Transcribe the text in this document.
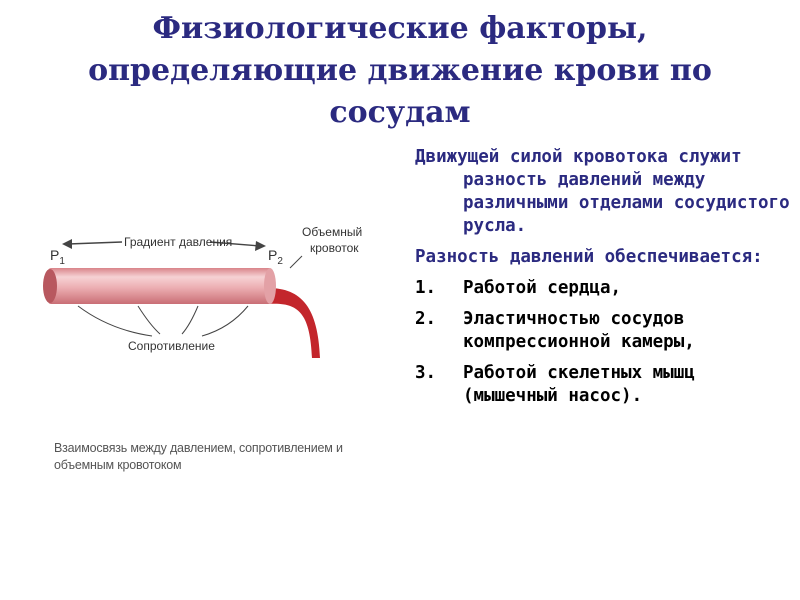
Физиологические факторы,
определяющие движение крови по
сосудам
$P_1$	$P_2$
Градиент давления
Объемный
кровоток
Сопротивление
Взаимосвязь между давлением, сопротивлением и объемным кровотоком

Движущей силой кровотока служит разность давлений между различными отделами сосудистого русла.

Разность давлений обеспечивается:

1. Работой сердца,
2. Эластичностью сосудов компрессионной камеры,
3. Работой скелетных мышц (мышечный насос).
